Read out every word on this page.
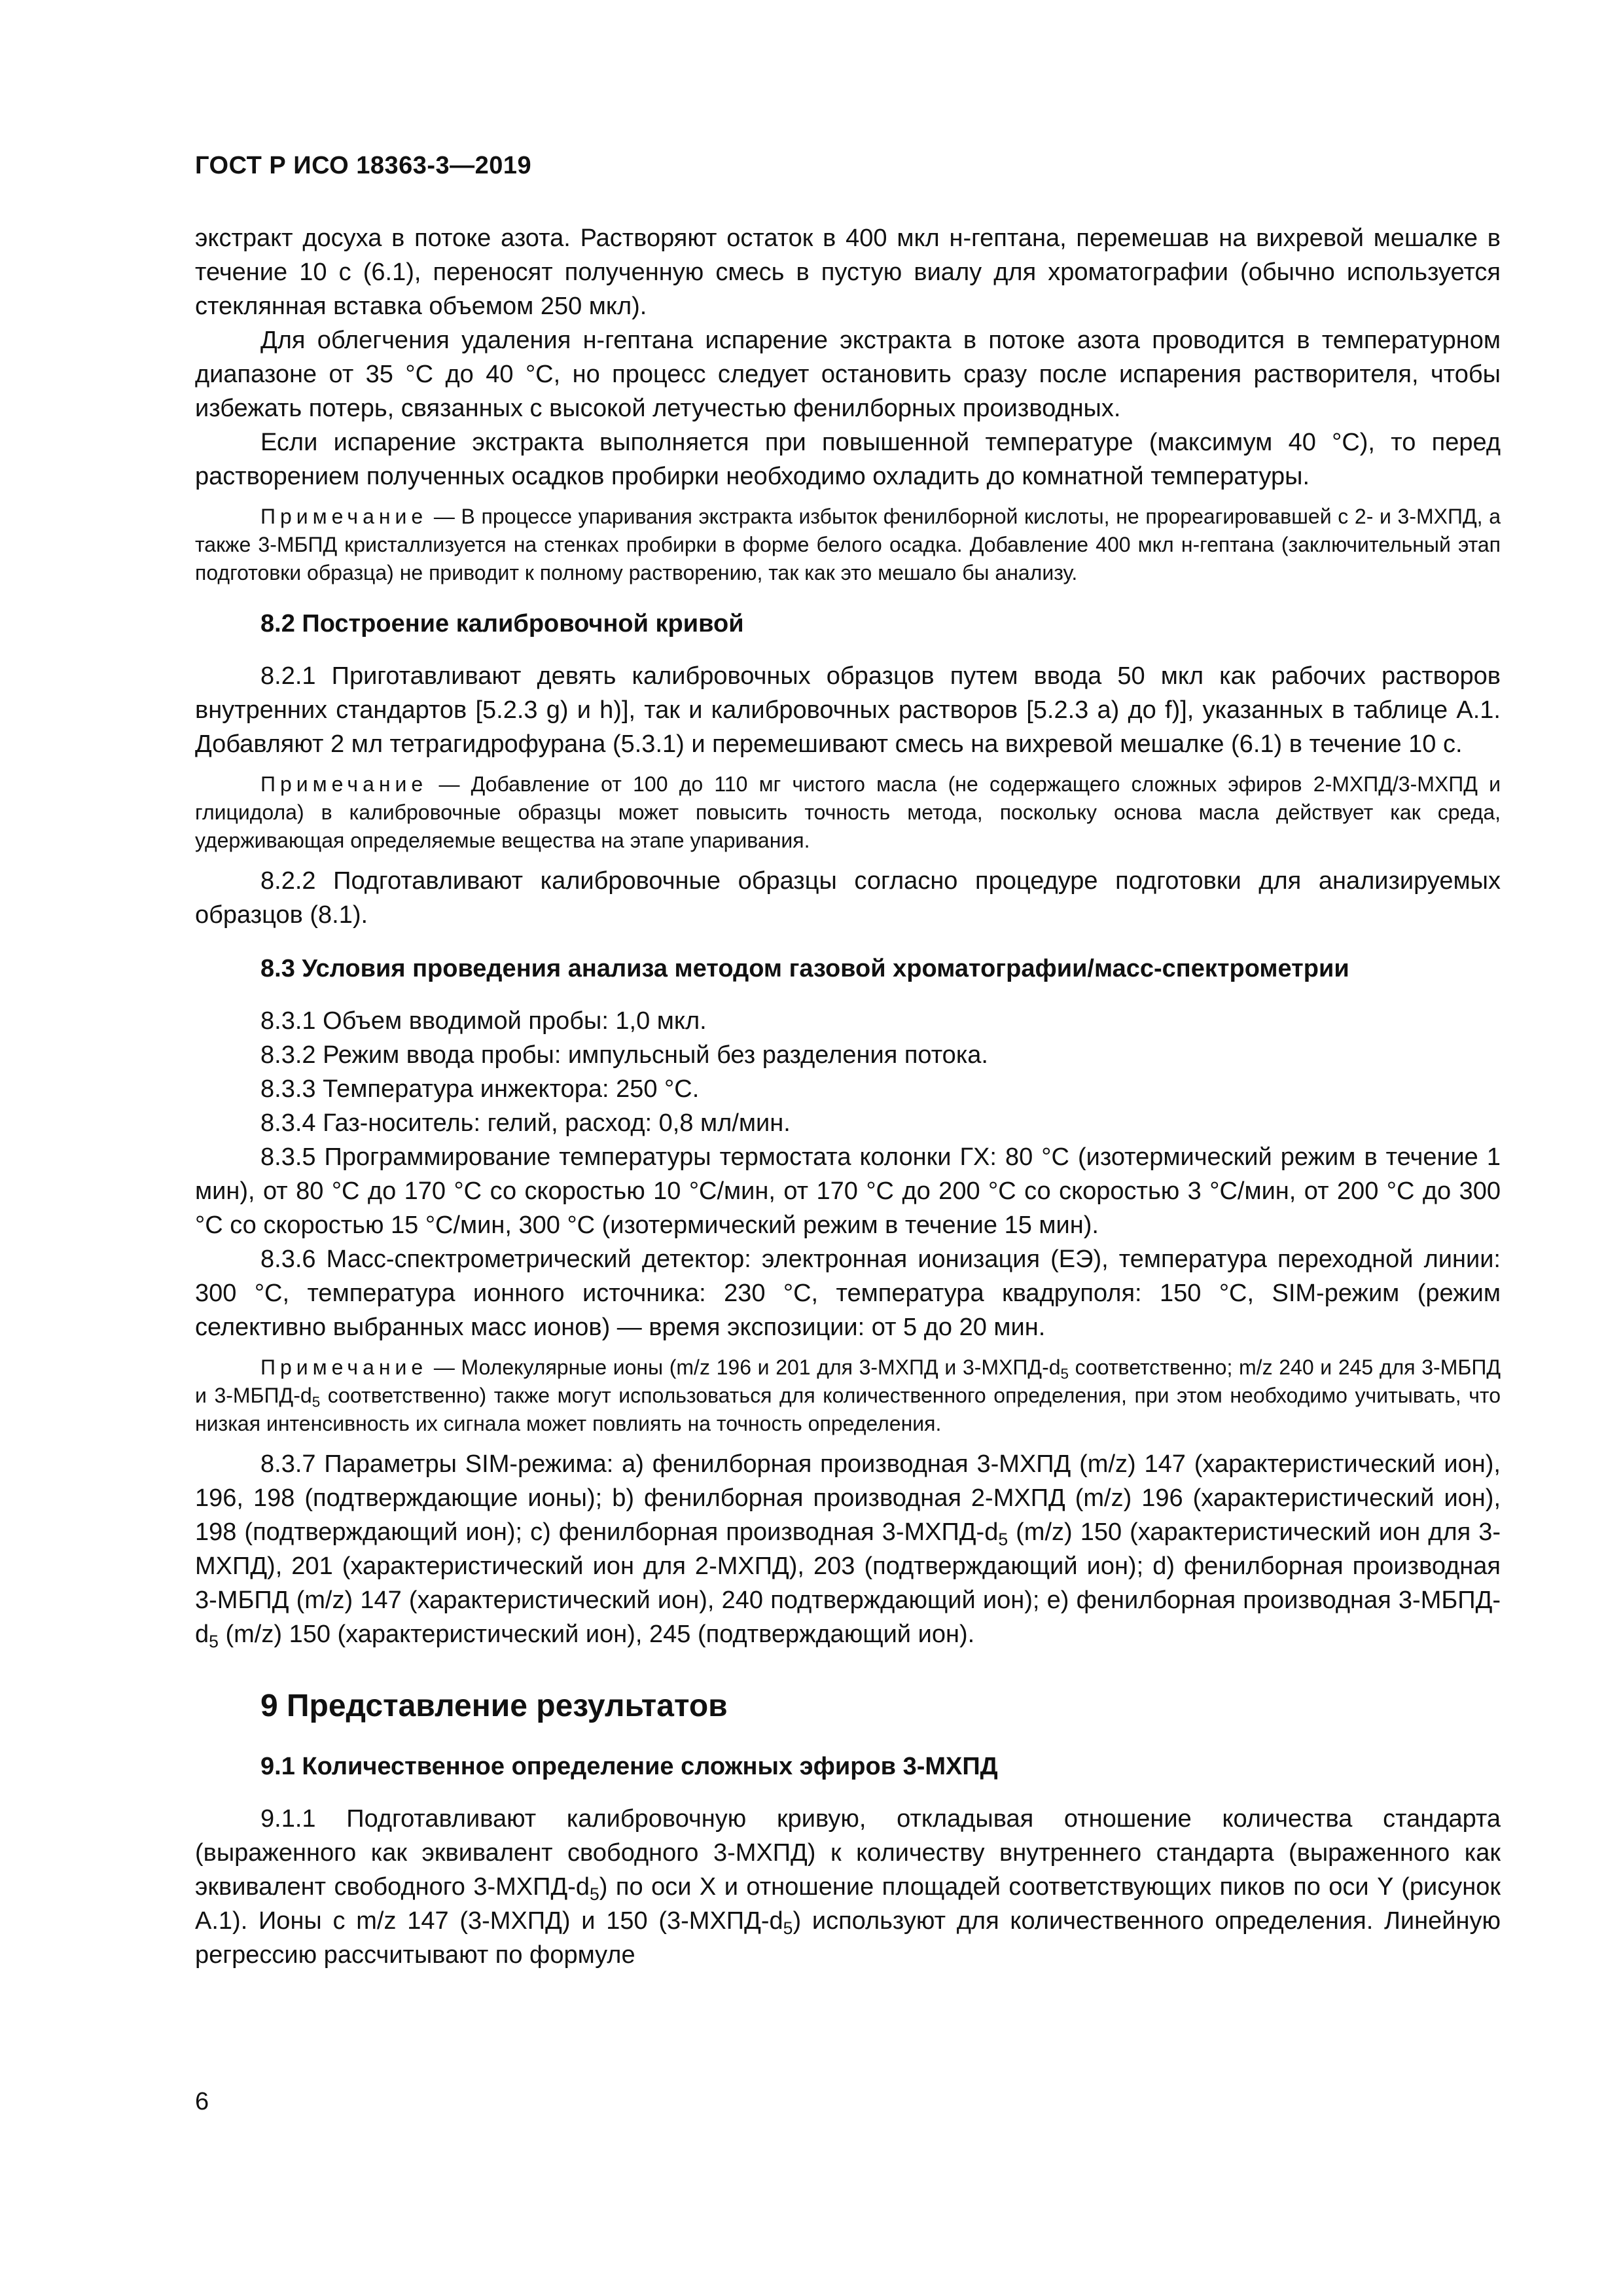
ГОСТ Р ИСО 18363-3—2019

экстракт досуха в потоке азота. Растворяют остаток в 400 мкл н-гептана, перемешав на вихревой мешалке в течение 10 с (6.1), переносят полученную смесь в пустую виалу для хроматографии (обычно используется стеклянная вставка объемом 250 мкл).

Для облегчения удаления н-гептана испарение экстракта в потоке азота проводится в температурном диапазоне от 35 °С до 40 °С, но процесс следует остановить сразу после испарения растворителя, чтобы избежать потерь, связанных с высокой летучестью фенилборных производных.

Если испарение экстракта выполняется при повышенной температуре (максимум 40 °С), то перед растворением полученных осадков пробирки необходимо охладить до комнатной температуры.

Примечание — В процессе упаривания экстракта избыток фенилборной кислоты, не прореагировавшей с 2- и 3-МХПД, а также 3-МБПД кристаллизуется на стенках пробирки в форме белого осадка. Добавление 400 мкл н-гептана (заключительный этап подготовки образца) не приводит к полному растворению, так как это мешало бы анализу.

8.2 Построение калибровочной кривой

8.2.1 Приготавливают девять калибровочных образцов путем ввода 50 мкл как рабочих растворов внутренних стандартов [5.2.3 g) и h)], так и калибровочных растворов [5.2.3 а) до f)], указанных в таблице А.1. Добавляют 2 мл тетрагидрофурана (5.3.1) и перемешивают смесь на вихревой мешалке (6.1) в течение 10 с.

Примечание — Добавление от 100 до 110 мг чистого масла (не содержащего сложных эфиров 2-МХПД/3-МХПД и глицидола) в калибровочные образцы может повысить точность метода, поскольку основа масла действует как среда, удерживающая определяемые вещества на этапе упаривания.

8.2.2 Подготавливают калибровочные образцы согласно процедуре подготовки для анализируемых образцов (8.1).

8.3 Условия проведения анализа методом газовой хроматографии/масс-спектрометрии

8.3.1 Объем вводимой пробы: 1,0 мкл.

8.3.2 Режим ввода пробы: импульсный без разделения потока.

8.3.3 Температура инжектора: 250 °С.

8.3.4 Газ-носитель: гелий, расход: 0,8 мл/мин.

8.3.5 Программирование температуры термостата колонки ГХ: 80 °С (изотермический режим в течение 1 мин), от 80 °С до 170 °С со скоростью 10 °С/мин, от 170 °С до 200 °С со скоростью 3 °С/мин, от 200 °С до 300 °С со скоростью 15 °С/мин, 300 °С (изотермический режим в течение 15 мин).

8.3.6 Масс-спектрометрический детектор: электронная ионизация (ЕЭ), температура переходной линии: 300 °С, температура ионного источника: 230 °С, температура квадруполя: 150 °С, SIM-режим (режим селективно выбранных масс ионов) — время экспозиции: от 5 до 20 мин.

Примечание — Молекулярные ионы (m/z 196 и 201 для 3-МХПД и $3-МХПД-d_5$ соответственно; m/z 240 и 245 для 3-МБПД и $3-МБПД-d_5$ соответственно) также могут использоваться для количественного определения, при этом необходимо учитывать, что низкая интенсивность их сигнала может повлиять на точность определения.

8.3.7 Параметры SIM-режима: а) фенилборная производная 3-МХПД (m/z) 147 (характеристический ион), 196, 198 (подтверждающие ионы); b) фенилборная производная 2-МХПД (m/z) 196 (характеристический ион), 198 (подтверждающий ион); с) фенилборная производная $3-МХПД-d_5$ (m/z) 150 (характеристический ион для 3-МХПД), 201 (характеристический ион для 2-МХПД), 203 (подтверждающий ион); d) фенилборная производная 3-МБПД (m/z) 147 (характеристический ион), 240 подтверждающий ион); е) фенилборная производная $3-МБПД-d_5$ (m/z) 150 (характеристический ион), 245 (подтверждающий ион).

9 Представление результатов
9.1 Количественное определение сложных эфиров 3-МХПД

9.1.1 Подготавливают калибровочную кривую, откладывая отношение количества стандарта (выраженного как эквивалент свободного 3-МХПД) к количеству внутреннего стандарта (выраженного как эквивалент свободного $3-МХПД-d_5$) по оси X и отношение площадей соответствующих пиков по оси Y (рисунок А.1). Ионы с m/z 147 (3-МХПД) и 150 $(3-МХПД-d_5)$ используют для количественного определения. Линейную регрессию рассчитывают по формуле

6
